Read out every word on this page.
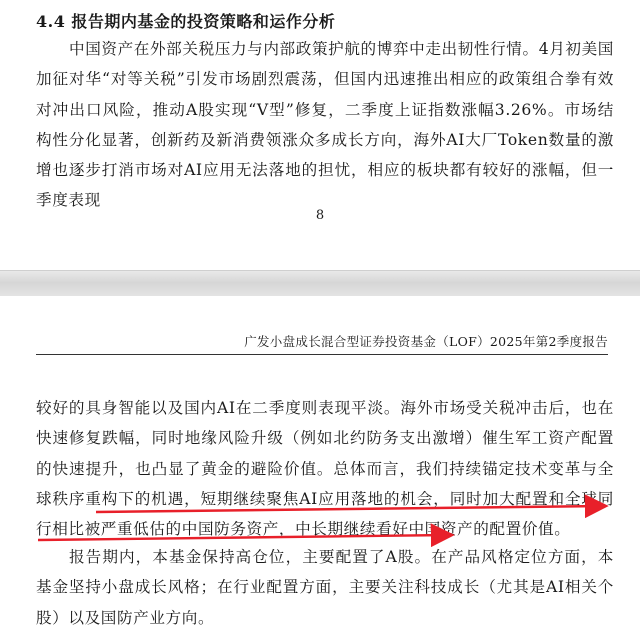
4.4 报告期内基金的投资策略和运作分析
中国资产在外部关税压力与内部政策护航的博弈中走出韧性行情。4月初美国加征对华“对等关税”引发市场剧烈震荡，但国内迅速推出相应的政策组合拳有效对冲出口风险，推动A股实现“V型”修复，二季度上证指数涨幅3.26%。市场结构性分化显著，创新药及新消费领涨众多成长方向，海外AI大厂Token数量的激增也逐步打消市场对AI应用无法落地的担忧，相应的板块都有较好的涨幅，但一季度表现
8
广发小盘成长混合型证券投资基金（LOF）2025年第2季度报告
较好的具身智能以及国内AI在二季度则表现平淡。海外市场受关税冲击后，也在快速修复跌幅，同时地缘风险升级（例如北约防务支出激增）催生军工资产配置的快速提升，也凸显了黄金的避险价值。总体而言，我们持续锚定技术变革与全球秩序重构下的机遇，短期继续聚焦AI应用落地的机会，同时加大配置和全球同行相比被严重低估的中国防务资产，中长期继续看好中国资产的配置价值。
报告期内，本基金保持高仓位，主要配置了A股。在产品风格定位方面，本基金坚持小盘成长风格；在行业配置方面，主要关注科技成长（尤其是AI相关个股）以及国防产业方向。
